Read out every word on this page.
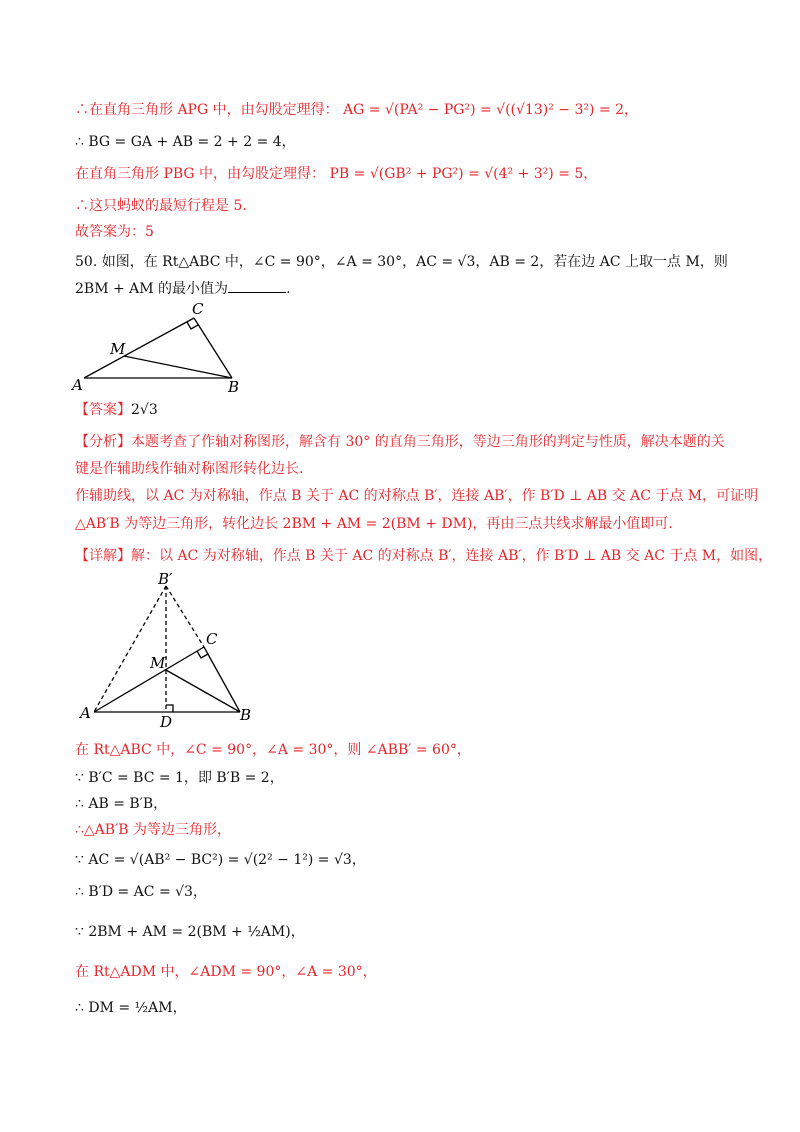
∴在直角三角形 APG 中，由勾股定理得： AG = √(PA² − PG²) = √((√13)² − 3²) = 2，
∴ BG = GA + AB = 2 + 2 = 4，
在直角三角形 PBG 中，由勾股定理得： PB = √(GB² + PG²) = √(4² + 3²) = 5，
∴这只蚂蚁的最短行程是 5.
故答案为：5
50. 如图，在 Rt△ABC 中，∠C = 90°，∠A = 30°，AC = √3，AB = 2，若在边 AC 上取一点 M，则
2BM + AM 的最小值为	.
C
M
A	B
【答案】2√3
【分析】本题考查了作轴对称图形，解含有 30° 的直角三角形，等边三角形的判定与性质，解决本题的关
键是作辅助线作轴对称图形转化边长.
作辅助线，以 AC 为对称轴，作点 B 关于 AC 的对称点 B′，连接 AB′，作 B′D ⊥ AB 交 AC 于点 M，可证明
△AB′B 为等边三角形，转化边长 2BM + AM = 2(BM + DM)，再由三点共线求解最小值即可.
【详解】解：以 AC 为对称轴，作点 B 关于 AC 的对称点 B′，连接 AB′，作 B′D ⊥ AB 交 AC 于点 M，如图，
B′
C
M
A	D	B
在 Rt△ABC 中，∠C = 90°，∠A = 30°，则 ∠ABB′ = 60°，
∵ B′C = BC = 1，即 B′B = 2，
∴ AB = B′B，
∴△AB′B 为等边三角形，
∵ AC = √(AB² − BC²) = √(2² − 1²) = √3，
∴ B′D = AC = √3，
∵ 2BM + AM = 2(BM + ½AM)，
在 Rt△ADM 中，∠ADM = 90°，∠A = 30°，
∴ DM = ½AM，
